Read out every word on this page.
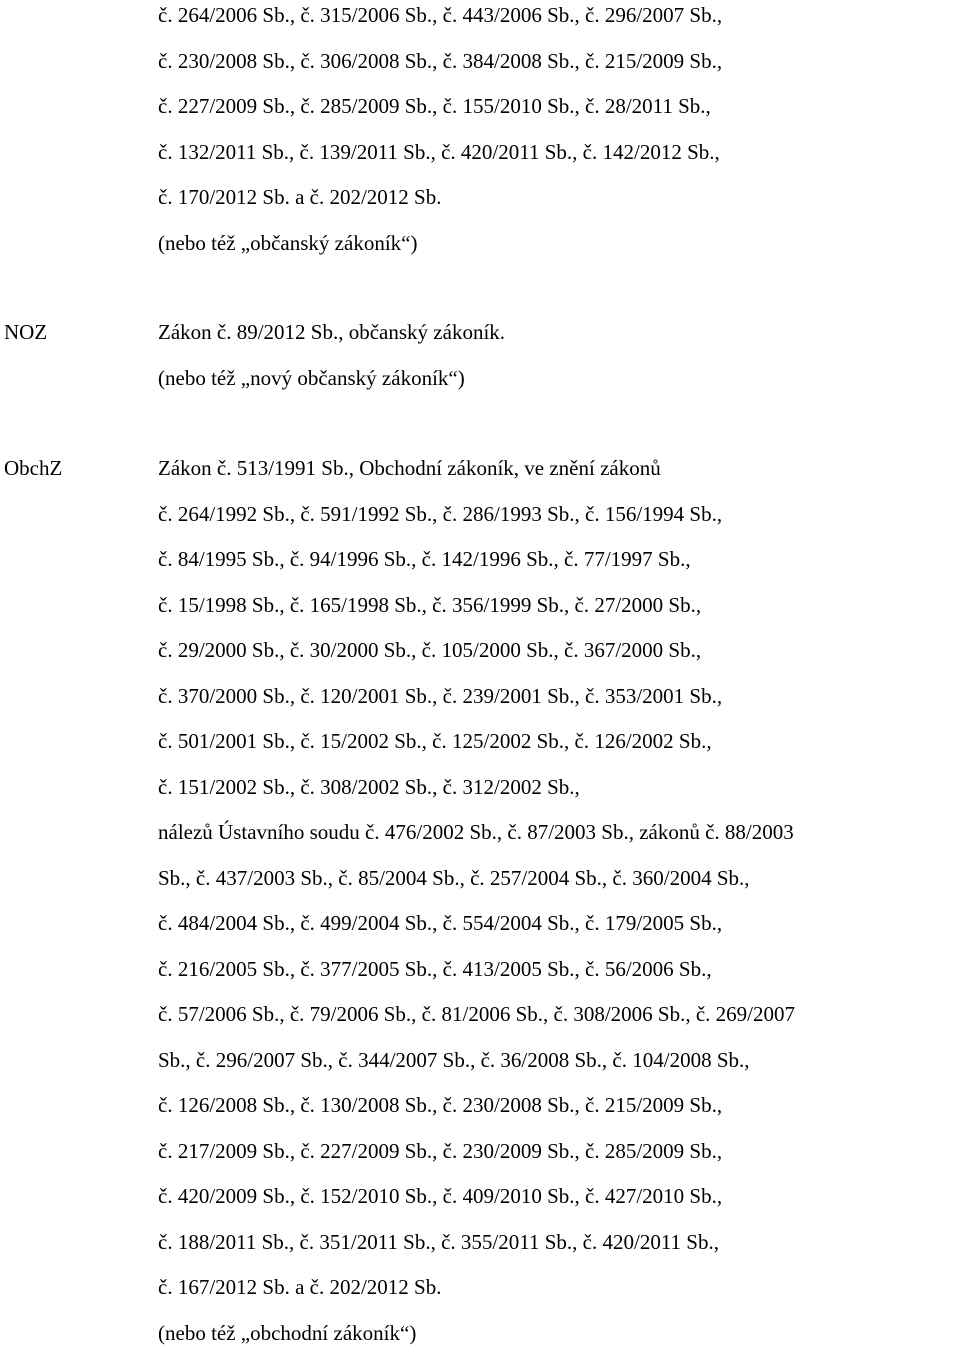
č. 264/2006 Sb., č. 315/2006 Sb., č. 443/2006 Sb., č. 296/2007 Sb.,
č. 230/2008 Sb., č. 306/2008 Sb., č. 384/2008 Sb., č. 215/2009 Sb.,
č. 227/2009 Sb., č. 285/2009 Sb., č. 155/2010 Sb., č. 28/2011 Sb.,
č. 132/2011 Sb., č. 139/2011 Sb., č. 420/2011 Sb., č. 142/2012 Sb.,
č. 170/2012 Sb. a č. 202/2012 Sb.
(nebo též „občanský zákoník“)
NOZ	Zákon č. 89/2012 Sb., občanský zákoník.
(nebo též „nový občanský zákoník“)
ObchZ	Zákon č. 513/1991 Sb., Obchodní zákoník, ve znění zákonů
č. 264/1992 Sb., č. 591/1992 Sb., č. 286/1993 Sb., č. 156/1994 Sb.,
č. 84/1995 Sb., č. 94/1996 Sb., č. 142/1996 Sb., č. 77/1997 Sb.,
č. 15/1998 Sb., č. 165/1998 Sb., č. 356/1999 Sb., č. 27/2000 Sb.,
č. 29/2000 Sb., č. 30/2000 Sb., č. 105/2000 Sb., č. 367/2000 Sb.,
č. 370/2000 Sb., č. 120/2001 Sb., č. 239/2001 Sb., č. 353/2001 Sb.,
č. 501/2001 Sb., č. 15/2002 Sb., č. 125/2002 Sb., č. 126/2002 Sb.,
č. 151/2002 Sb., č. 308/2002 Sb., č. 312/2002 Sb.,
nálezů Ústavního soudu č. 476/2002 Sb., č. 87/2003 Sb., zákonů č. 88/2003
Sb., č. 437/2003 Sb., č. 85/2004 Sb., č. 257/2004 Sb., č. 360/2004 Sb.,
č. 484/2004 Sb., č. 499/2004 Sb., č. 554/2004 Sb., č. 179/2005 Sb.,
č. 216/2005 Sb., č. 377/2005 Sb., č. 413/2005 Sb., č. 56/2006 Sb.,
č. 57/2006 Sb., č. 79/2006 Sb., č. 81/2006 Sb., č. 308/2006 Sb., č. 269/2007
Sb., č. 296/2007 Sb., č. 344/2007 Sb., č. 36/2008 Sb., č. 104/2008 Sb.,
č. 126/2008 Sb., č. 130/2008 Sb., č. 230/2008 Sb., č. 215/2009 Sb.,
č. 217/2009 Sb., č. 227/2009 Sb., č. 230/2009 Sb., č. 285/2009 Sb.,
č. 420/2009 Sb., č. 152/2010 Sb., č. 409/2010 Sb., č. 427/2010 Sb.,
č. 188/2011 Sb., č. 351/2011 Sb., č. 355/2011 Sb., č. 420/2011 Sb.,
č. 167/2012 Sb. a č. 202/2012 Sb.
(nebo též „obchodní zákoník“)
